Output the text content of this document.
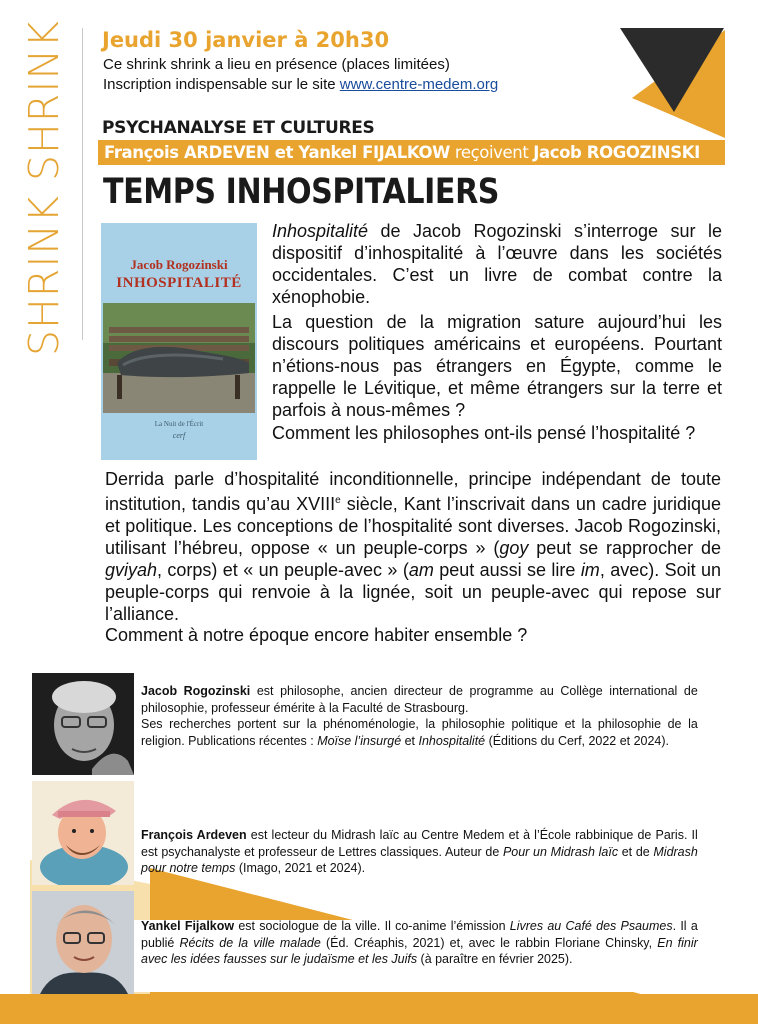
SHRINK SHRINK Jeudi 30 janvier à 20h30
Ce shrink shrink a lieu en présence (places limitées)
Inscription indispensable sur le site www.centre-medem.org
PSYCHANALYSE ET CULTURES
François ARDEVEN et Yankel FIJALKOW reçoivent Jacob ROGOZINSKI
TEMPS INHOSPITALIERS
Jacob Rogozinski
INHOSPITALITÉ
La Nuit de l'Écrit
cerf
Inhospitalité de Jacob Rogozinski s’interroge sur le dispositif d’inhospitalité à l’œuvre dans les sociétés occidentales. C’est un livre de combat contre la xénophobie.
La question de la migration sature aujourd’hui les discours politiques américains et européens. Pourtant n’étions-nous pas étrangers en Égypte, comme le rappelle le Lévitique, et même étrangers sur la terre et parfois à nous-mêmes ?
Comment les philosophes ont-ils pensé l’hospitalité ?
Derrida parle d’hospitalité inconditionnelle, principe indépendant de toute institution, tandis qu’au XVIIIe siècle, Kant l’inscrivait dans un cadre juridique et politique. Les conceptions de l’hospitalité sont diverses. Jacob Rogozinski, utilisant l’hébreu, oppose « un peuple-corps » (goy peut se rapprocher de gviyah, corps) et « un peuple-avec » (am peut aussi se lire im, avec). Soit un peuple-corps qui renvoie à la lignée, soit un peuple-avec qui repose sur l’alliance.
Comment à notre époque encore habiter ensemble ?
Jacob Rogozinski est philosophe, ancien directeur de programme au Collège international de philosophie, professeur émérite à la Faculté de Strasbourg.
Ses recherches portent sur la phénoménologie, la philosophie politique et la philosophie de la religion. Publications récentes : Moïse l’insurgé et Inhospitalité (Éditions du Cerf, 2022 et 2024).
François Ardeven est lecteur du Midrash laïc au Centre Medem et à l’École rabbinique de Paris. Il est psychanalyste et professeur de Lettres classiques. Auteur de Pour un Midrash laïc et de Midrash pour notre temps (Imago, 2021 et 2024).
Yankel Fijalkow est sociologue de la ville. Il co-anime l’émission Livres au Café des Psaumes. Il a publié Récits de la ville malade (Éd. Créaphis, 2021) et, avec le rabbin Floriane Chinsky, En finir avec les idées fausses sur le judaïsme et les Juifs (à paraître en février 2025).
